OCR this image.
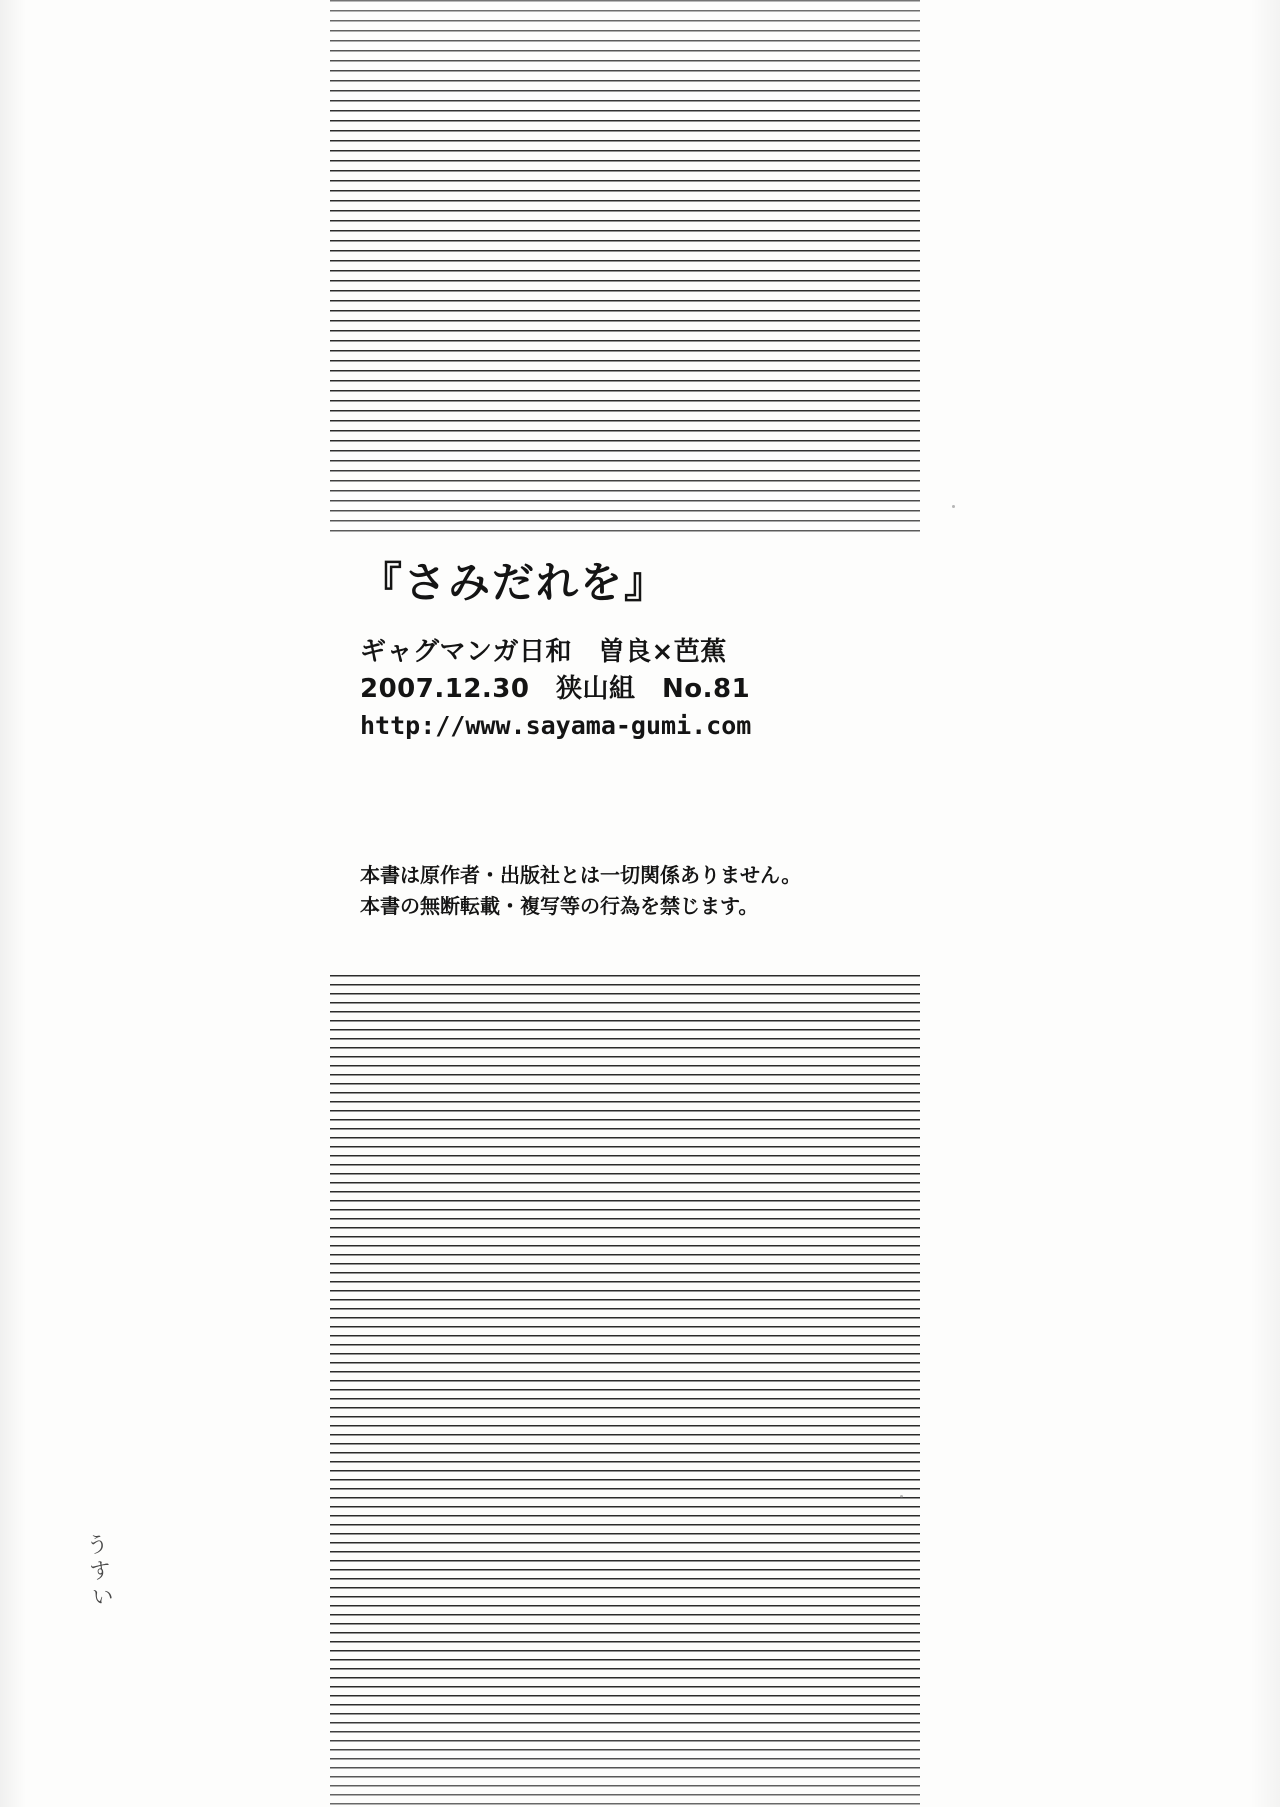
『さみだれを』
ギャグマンガ日和　曽良×芭蕉
2007.12.30　狭山組　No.81
http://www.sayama-gumi.com
本書は原作者・出版社とは一切関係ありません。
本書の無断転載・複写等の行為を禁じます。
うすい
